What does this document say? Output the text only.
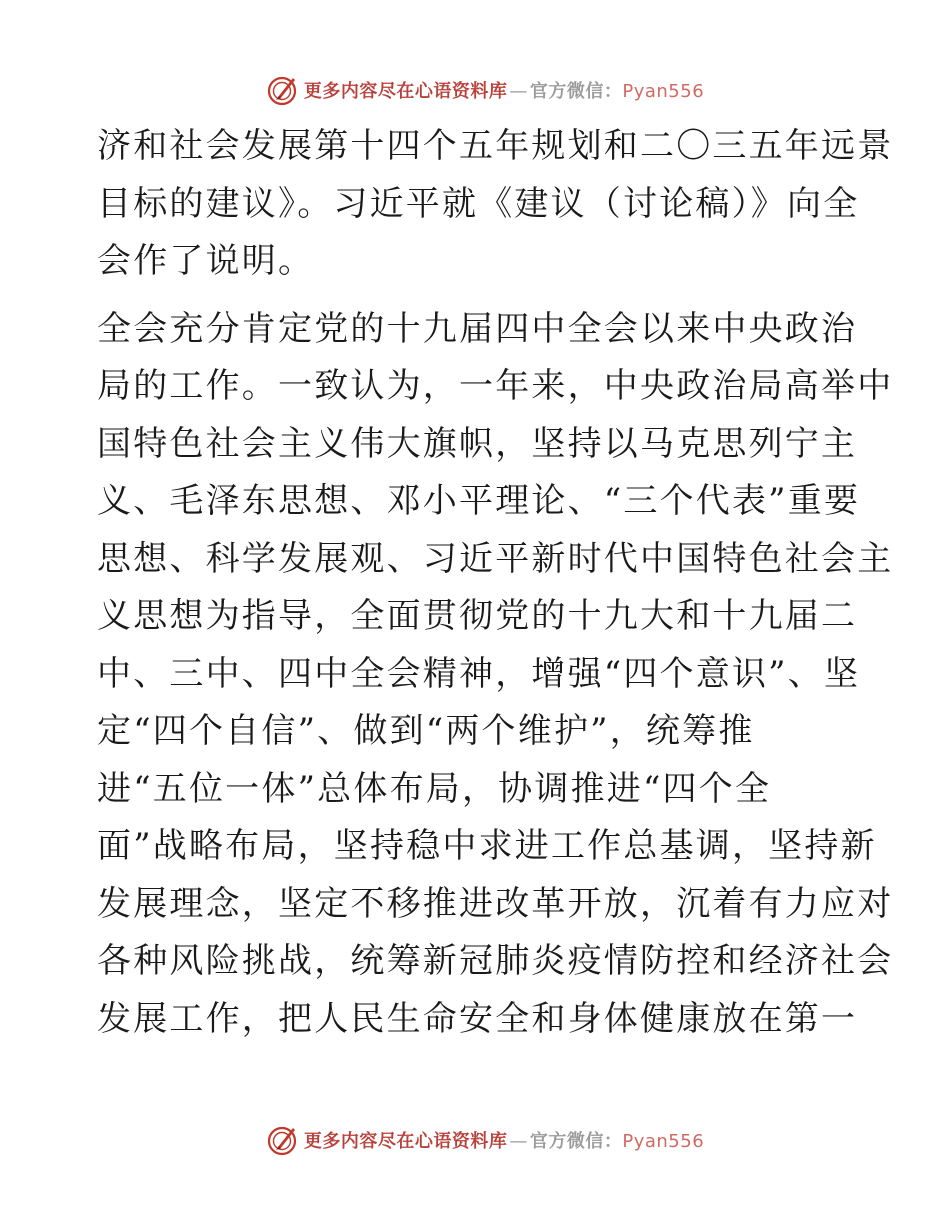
更多内容尽在心语资料库 — 官方微信：Pyan556
济和社会发展第十四个五年规划和二〇三五年远景
目标的建议》。习近平就《建议（讨论稿）》向全
会作了说明。
全会充分肯定党的十九届四中全会以来中央政治
局的工作。一致认为，一年来，中央政治局高举中
国特色社会主义伟大旗帜，坚持以马克思列宁主
义、毛泽东思想、邓小平理论、“三个代表”重要
思想、科学发展观、习近平新时代中国特色社会主
义思想为指导，全面贯彻党的十九大和十九届二
中、三中、四中全会精神，增强“四个意识”、坚
定“四个自信”、做到“两个维护”，统筹推
进“五位一体”总体布局，协调推进“四个全
面”战略布局，坚持稳中求进工作总基调，坚持新
发展理念，坚定不移推进改革开放，沉着有力应对
各种风险挑战，统筹新冠肺炎疫情防控和经济社会
发展工作，把人民生命安全和身体健康放在第一
更多内容尽在心语资料库 — 官方微信：Pyan556
